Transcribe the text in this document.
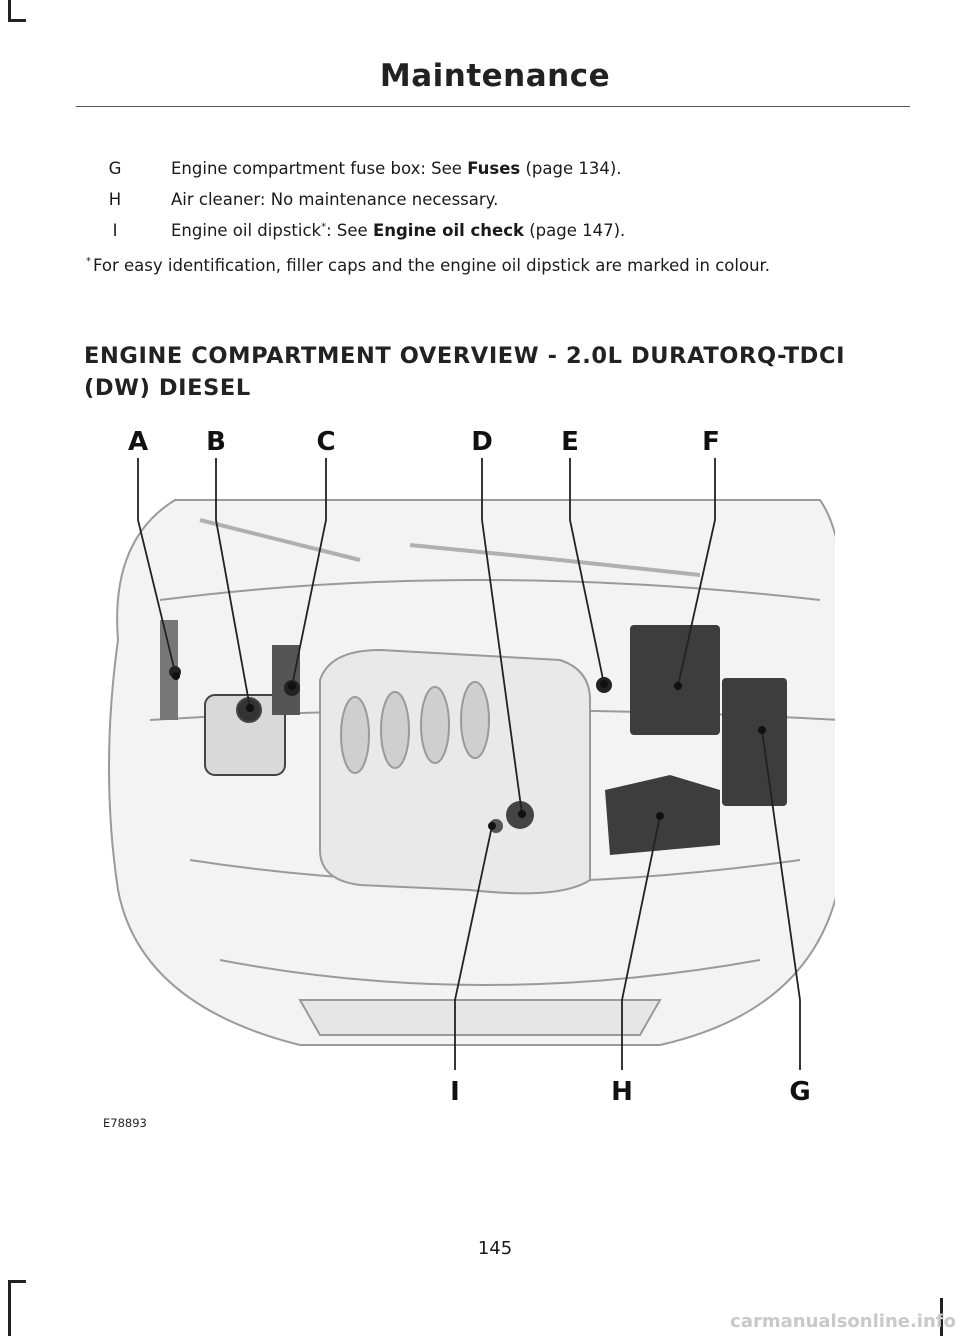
Maintenance
G	Engine compartment fuse box: See Fuses (page 134).
H	Air cleaner: No maintenance necessary.
I	Engine oil dipstick*: See Engine oil check (page 147).
* For easy identification, filler caps and the engine oil dipstick are marked in colour.
ENGINE COMPARTMENT OVERVIEW - 2.0L DURATORQ-TDCI (DW) DIESEL
A B	C	D	E	F
G
H
I
E78893
145
carmanualsonline.info
